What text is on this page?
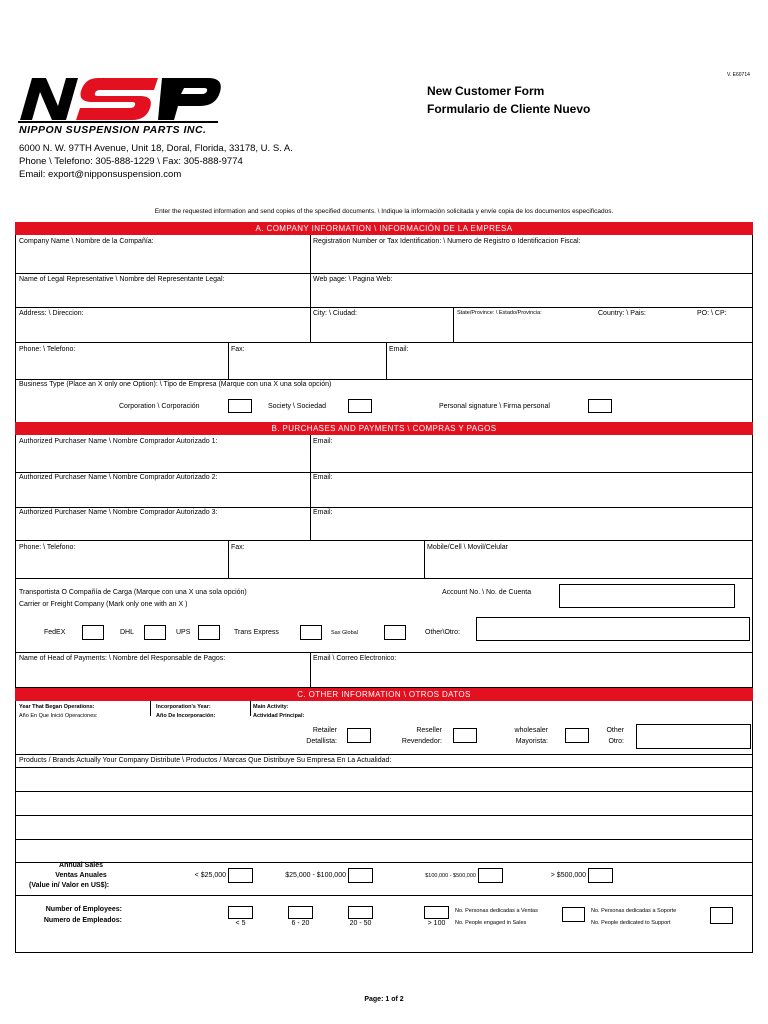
NIPPON SUSPENSION PARTS INC.
6000 N. W. 97TH Avenue, Unit 18, Doral, Florida, 33178, U. S. A.
Phone \ Telefono: 305-888-1229 \ Fax: 305-888-9774
Email: export@nipponsuspension.com
New Customer Form
Formulario de Cliente Nuevo
V. E60714
Enter the requested information and send copies of the specified documents. \ Indique la información solicitada y envíe copia de los documentos especificados.
A. COMPANY INFORMATION \ INFORMACIÓN DE LA EMPRESA
Company Name \ Nombre de la Compañía:	Registration Number or Tax Identification: \ Numero de Registro o Identificacion Fiscal:
Name of Legal Representative \ Nombre del Representante Legal:	Web page: \ Pagina Web:
Address: \ Direccion:	City: \ Ciudad:	State/Province: \ Estado/Provincia:	Country: \ Pais:	PO: \ CP:
Phone: \ Telefono:	Fax:	Email:
Business Type (Place an X only one Option): \ Tipo de Empresa (Marque con una X una sola opción)
Corporation \ Corporación	Society \ Sociedad	Personal signature \ Firma personal
B. PURCHASES AND PAYMENTS \ COMPRAS Y PAGOS
Authorized Purchaser Name \ Nombre Comprador Autorizado 1:	Email:
Authorized Purchaser Name \ Nombre Comprador Autorizado 2:	Email:
Authorized Purchaser Name \ Nombre Comprador Autorizado 3:	Email:
Phone: \ Telefono:	Fax:	Mobile/Cell \ Movil/Celular
Transportista O Compañía de Carga (Marque con una X una sola opción)
Carrier or Freight Company (Mark only one with an X )
Account No. \ No. de Cuenta
FedEX	DHL	UPS	Trans Express	Sax Global	Other\Otro:
Name of Head of Payments: \ Nombre del Responsable de Pagos:	Email \ Correo Electronico:
C. OTHER INFORMATION \ OTROS DATOS
Year That Began Operations:
Año En Que Inició Operaciones:
Incorporation's Year:
Año De Incorporación:
Main Activity:
Actividad Principal:
Retailer
Detallista:
Reseller
Revendedor:
wholesaler
Mayorista:
Other
Otro:
Products / Brands Actually Your Company Distribute \ Productos / Marcas Que Distribuye Su Empresa En La Actualidad:
Annual Sales
Ventas Anuales
(Value in/ Valor en US$):
< $25,000	$25,000 - $100,000	$100,000 - $500,000	> $500,000
Number of Employees:
Numero de Empleados:	< 5	6 - 20	20 - 50	> 100
No. Personas dedicadas a Ventas
No. People engaged in Sales
No. Personas dedicadas a Soporte
No. People dedicated to Support
Page: 1 of 2
